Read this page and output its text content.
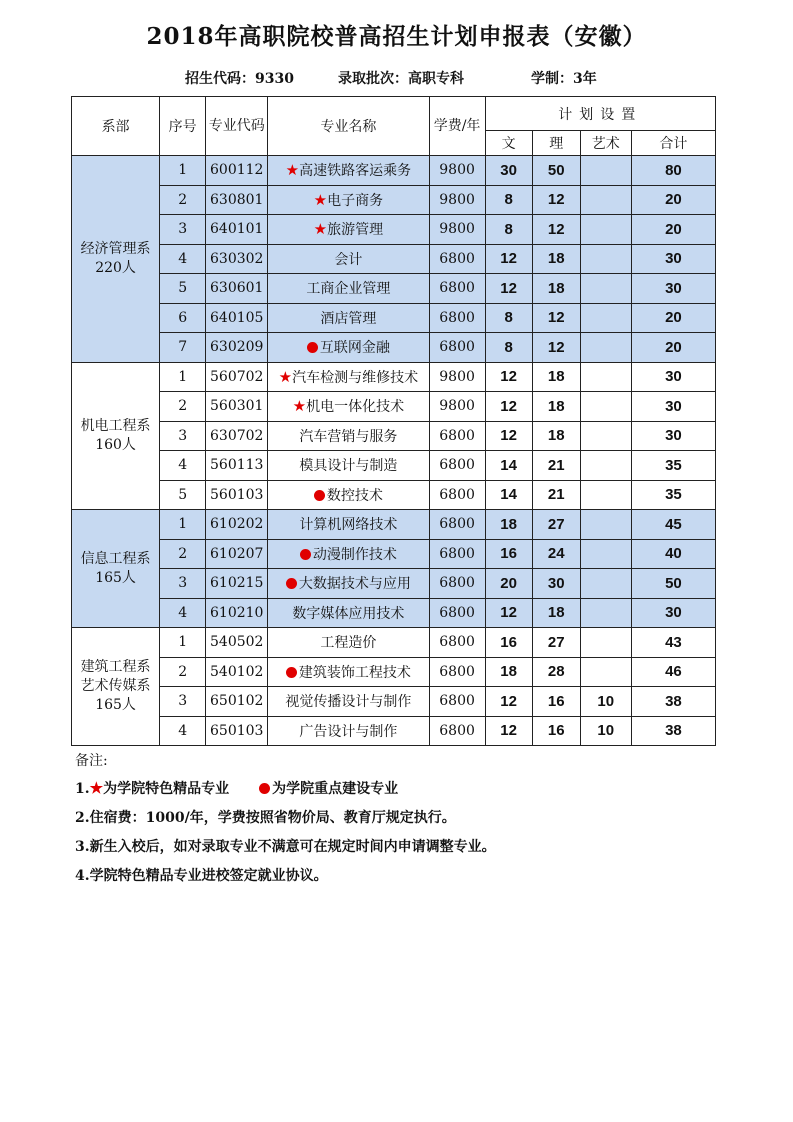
2018年高职院校普高招生计划申报表（安徽）
招生代码：9330	录取批次：高职专科	学制：3年
系部	序号	专业代码	专业名称	学费/年	计划设置			
					文	理	艺术	合计

经济管理系
220人	1	600112	★高速铁路客运乘务	9800	30	50		80
	2	630801	★电子商务	9800	8	12		20
	3	640101	★旅游管理	9800	8	12		20
	4	630302	会计	6800	12	18		30
	5	630601	工商企业管理	6800	12	18		30
	6	640105	酒店管理	6800	8	12		20
	7	630209	互联网金融	6800	8	12		20

机电工程系
160人	1	560702	★汽车检测与维修技术	9800	12	18		30
	2	560301	★机电一体化技术	9800	12	18		30
	3	630702	汽车营销与服务	6800	12	18		30
	4	560113	模具设计与制造	6800	14	21		35
	5	560103	数控技术	6800	14	21		35

信息工程系
165人	1	610202	计算机网络技术	6800	18	27		45
	2	610207	动漫制作技术	6800	16	24		40
	3	610215	大数据技术与应用	6800	20	30		50
	4	610210	数字媒体应用技术	6800	12	18		30

建筑工程系艺术传媒系
165人	1	540502	工程造价	6800	16	27		43
	2	540102	建筑装饰工程技术	6800	18	28		46
	3	650102	视觉传播设计与制作	6800	12	16	10	38
	4	650103	广告设计与制作	6800	12	16	10	38
备注:
1.★为学院特色精品专业	为学院重点建设专业
2.住宿费：1000/年，学费按照省物价局、教育厅规定执行。
3.新生入校后，如对录取专业不满意可在规定时间内申请调整专业。
4.学院特色精品专业进校签定就业协议。
